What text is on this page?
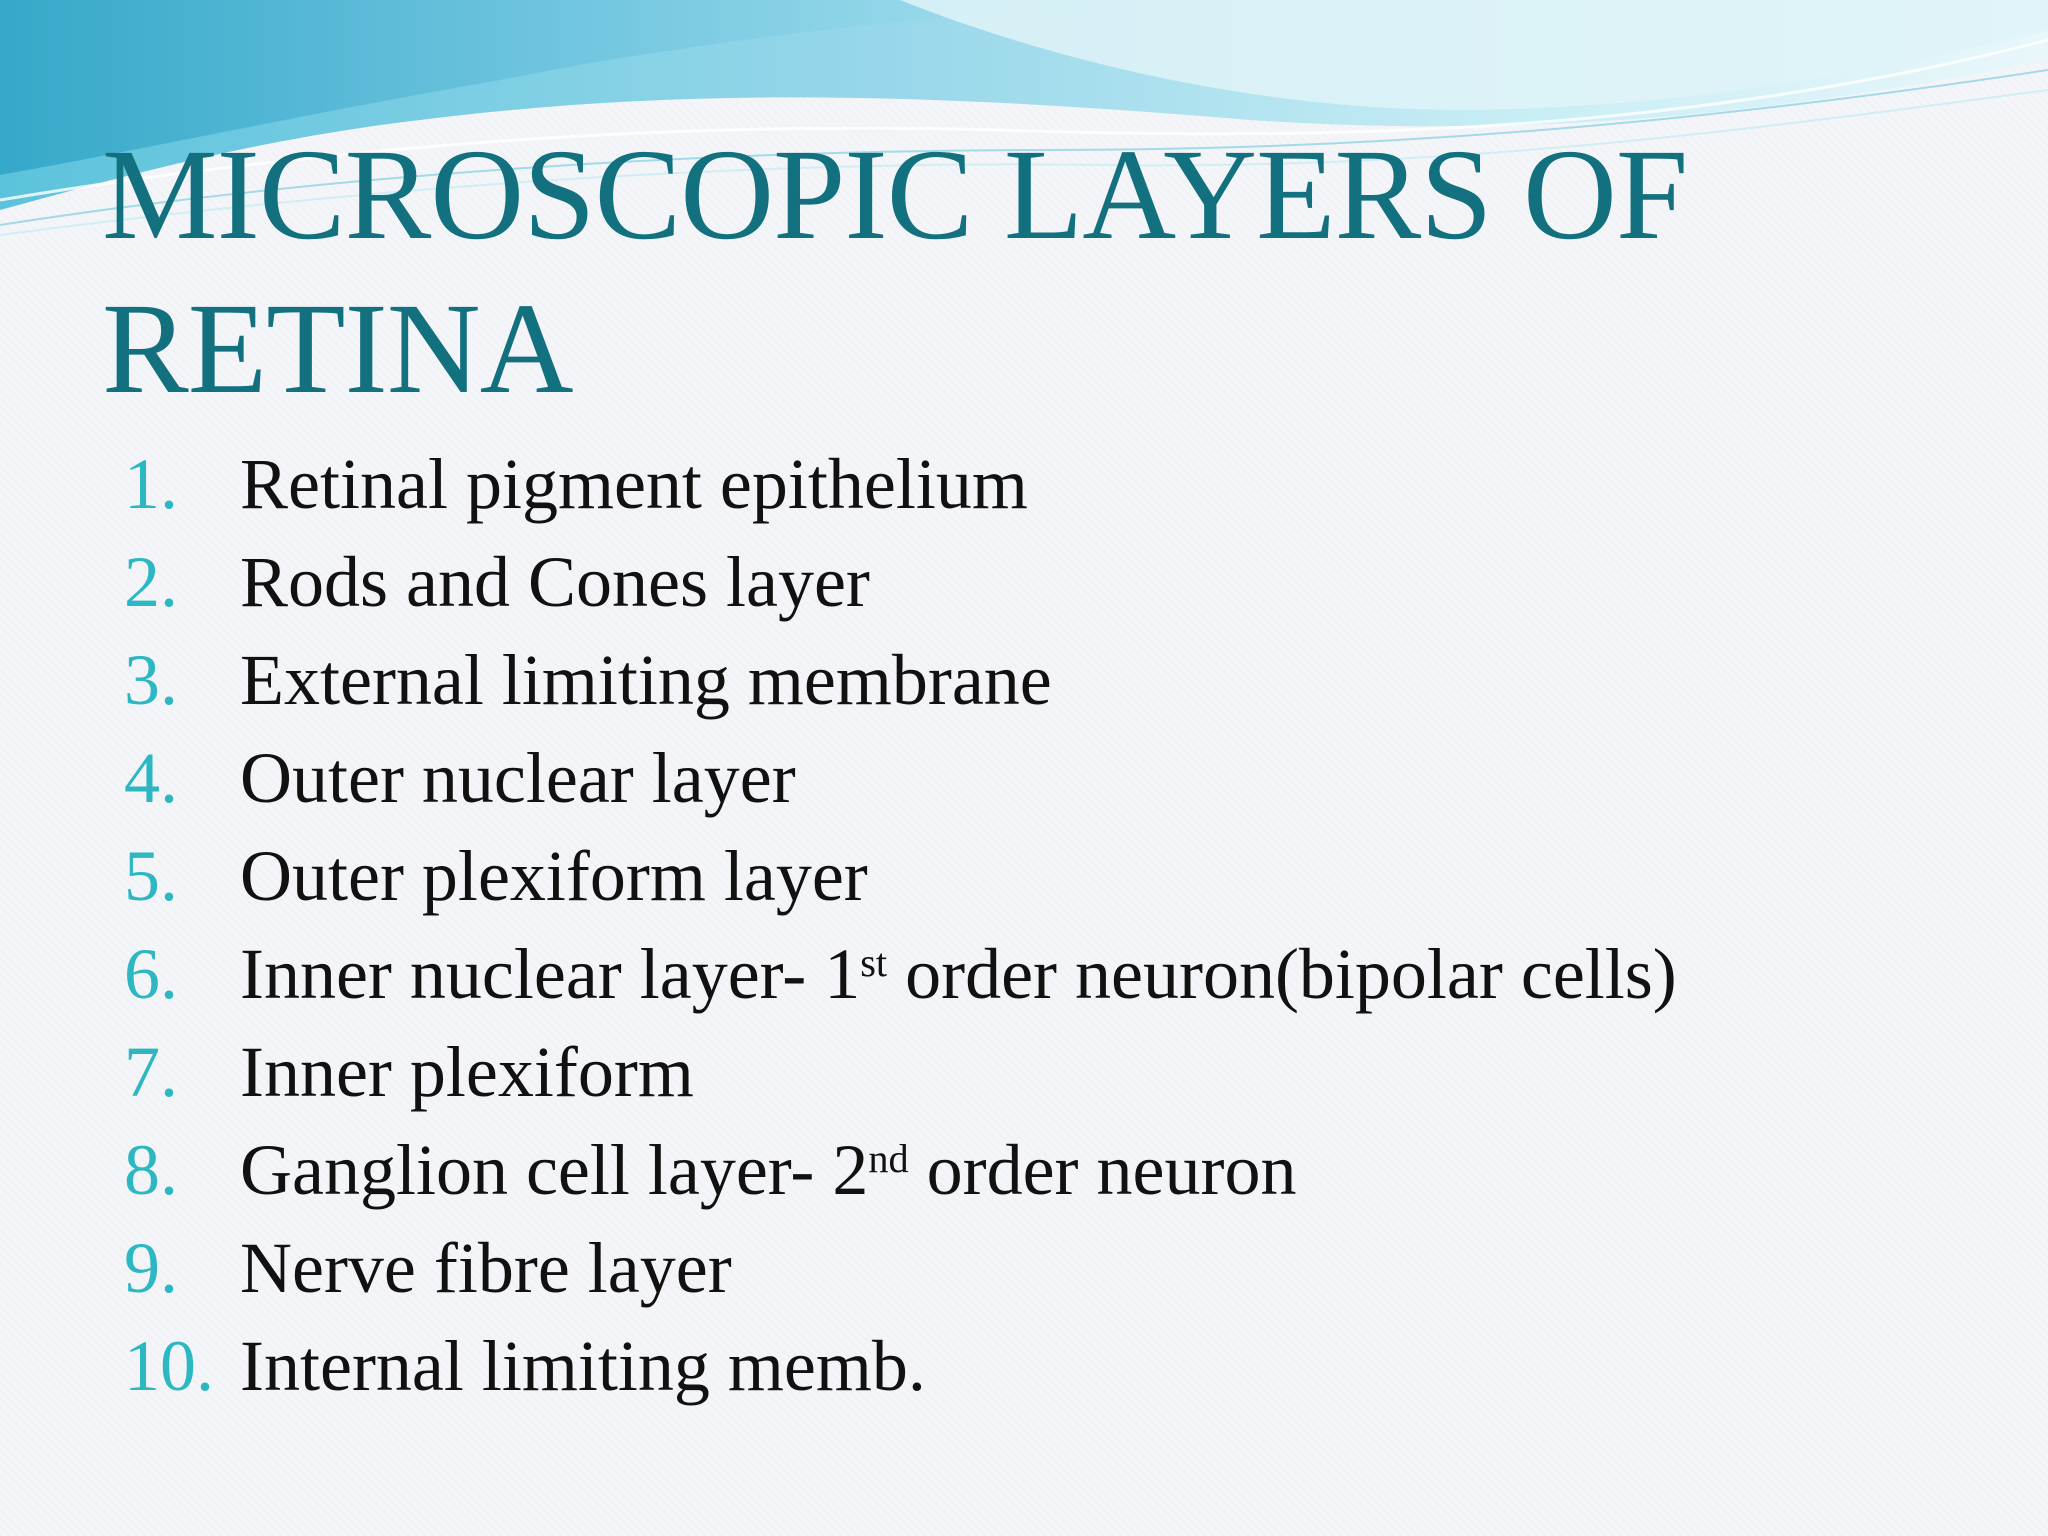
MICROSCOPIC LAYERS OF RETINA
1. Retinal pigment epithelium
2. Rods and Cones layer
3. External limiting membrane
4. Outer nuclear layer
5. Outer plexiform layer
6. Inner nuclear layer- 1st order neuron(bipolar cells)
7. Inner plexiform
8. Ganglion cell layer- 2nd order neuron
9. Nerve fibre layer
10. Internal limiting memb.
